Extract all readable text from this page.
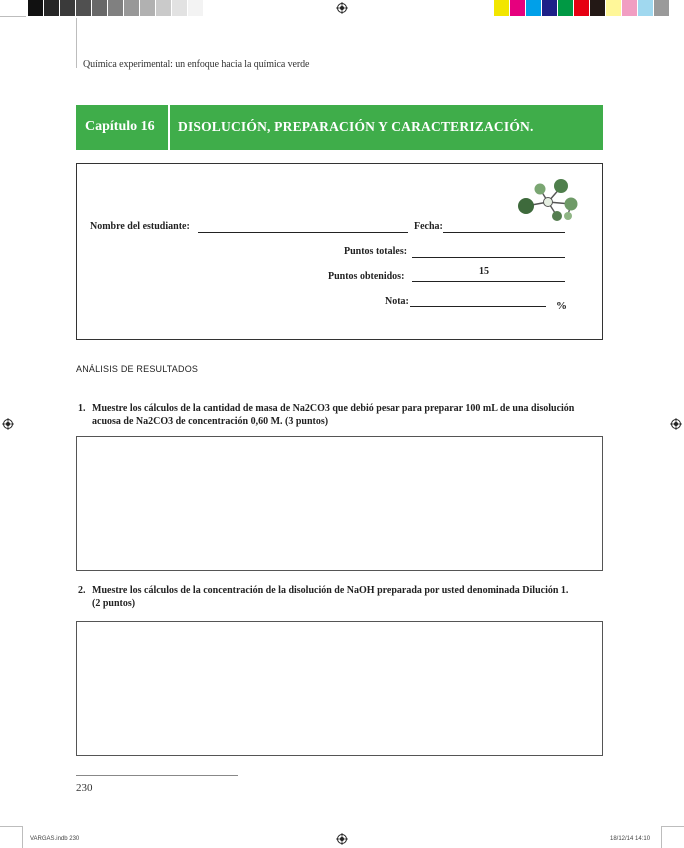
Química experimental: un enfoque hacia la química verde
Capítulo 16 DISOLUCIÓN, PREPARACIÓN Y CARACTERIZACIÓN.
Nombre del estudiante:	Fecha:
Puntos totales:
Puntos obtenidos:	15
Nota:	%
ANÁLISIS DE RESULTADOS
1. Muestre los cálculos de la cantidad de masa de Na2CO3 que debió pesar para preparar 100 mL de una disolución
acuosa de Na2CO3 de concentración 0,60 M. (3 puntos)
2. Muestre los cálculos de la concentración de la disolución de NaOH preparada por usted denominada Dilución 1.
(2 puntos)
230
VARGAS.indb 230	18/12/14 14:10
